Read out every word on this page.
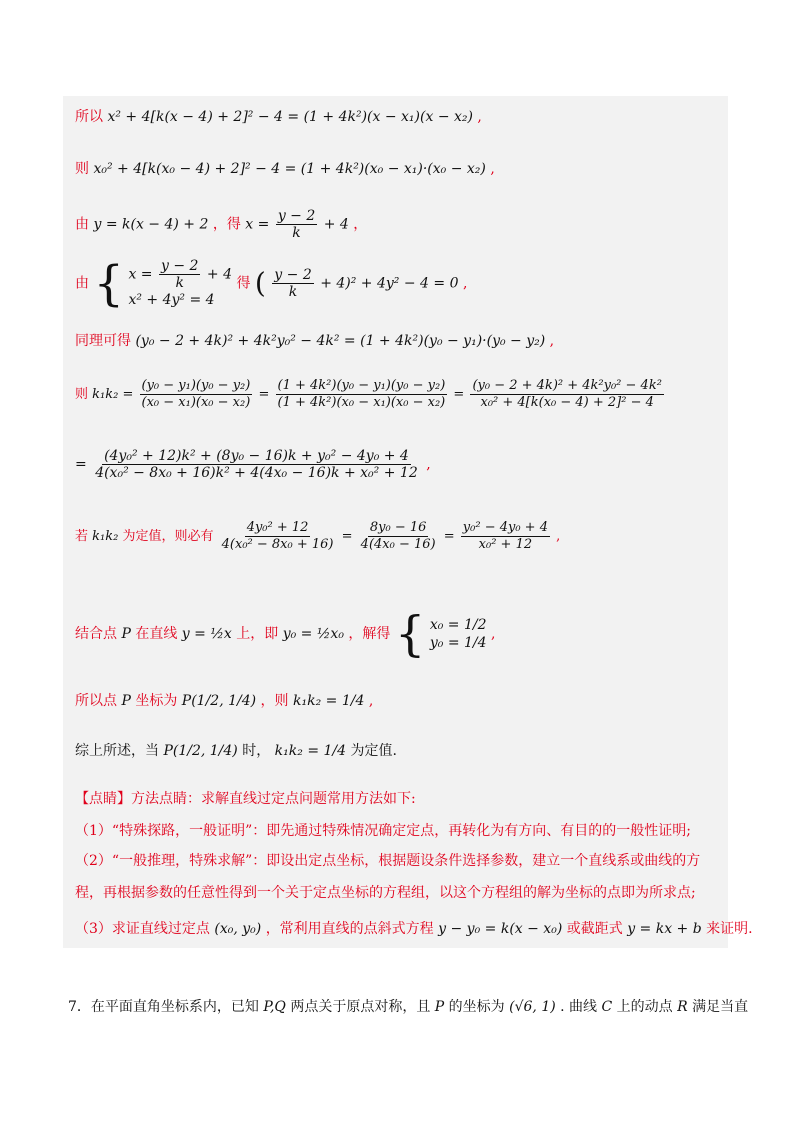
所以 x² + 4[k(x − 4) + 2]² − 4 = (1 + 4k²)(x − x₁)(x − x₂) ,
则 x₀² + 4[k(x₀ − 4) + 2]² − 4 = (1 + 4k²)(x₀ − x₁)·(x₀ − x₂) ,
由 y = k(x − 4) + 2 ，得 $x = \frac{y - 2}{k} + 4$ ，
由 { $x = \frac{y - 2}{k} + 4$
x² + 4y² = 4
得 ( $\frac{y - 2}{k} + 4)^2 + 4y^2 - 4 = 0$ ,
同理可得 (y₀ − 2 + 4k)² + 4k²y₀² − 4k² = (1 + 4k²)(y₀ − y₁)·(y₀ − y₂) ,
则 $k_1k_2 = \frac{\text{(y₀ − y₁)(y₀ − y₂)}}{\text{(x₀ − x₁)(x₀ − x₂)}} = \frac{\text{(1 + 4k²)(y₀ − y₁)(y₀ − y₂)}}{\text{(1 + 4k²)(x₀ − x₁)(x₀ − x₂)}} = \frac{\text{(y₀ − 2 + 4k)² + 4k²y₀² − 4k²}}{\text{x₀² + 4[k(x₀ − 4) + 2]² − 4}}$
= $\frac{\text{(4y₀² + 12)k² + (8y₀ − 16)k + y₀² − 4y₀ + 4}}{\text{4(x₀² − 8x₀ + 16)k² + 4(4x₀ − 16)k + x₀² + 12}}$ ,
若 k₁k₂ 为定值，则必有 $\frac{\text{4y₀² + 12}}{\text{4(x₀² − 8x₀ + 16)}} = \frac{\text{8y₀ − 16}}{\text{4(4x₀ − 16)}} = \frac{\text{y₀² − 4y₀ + 4}}{\text{x₀² + 12}}$ ,
结合点 P 在直线 y = ½x 上，即 y₀ = ½x₀ ，解得 { x₀ = 1/2
y₀ = 1/4
,
所以点 P 坐标为 P(1/2, 1/4) ，则 k₁k₂ = 1/4 ,
综上所述，当 P(1/2, 1/4) 时， k₁k₂ = 1/4 为定值.
【点睛】方法点睛：求解直线过定点问题常用方法如下:
（1）“特殊探路，一般证明”：即先通过特殊情况确定定点，再转化为有方向、有目的的一般性证明;
（2）“一般推理，特殊求解”：即设出定点坐标，根据题设条件选择参数，建立一个直线系或曲线的方
程，再根据参数的任意性得到一个关于定点坐标的方程组，以这个方程组的解为坐标的点即为所求点;
（3）求证直线过定点 (x₀, y₀) ，常利用直线的点斜式方程 y − y₀ = k(x − x₀) 或截距式 y = kx + b 来证明.
7．在平面直角坐标系内，已知 P,Q 两点关于原点对称，且 P 的坐标为 (√6, 1) . 曲线 C 上的动点 R 满足当直
